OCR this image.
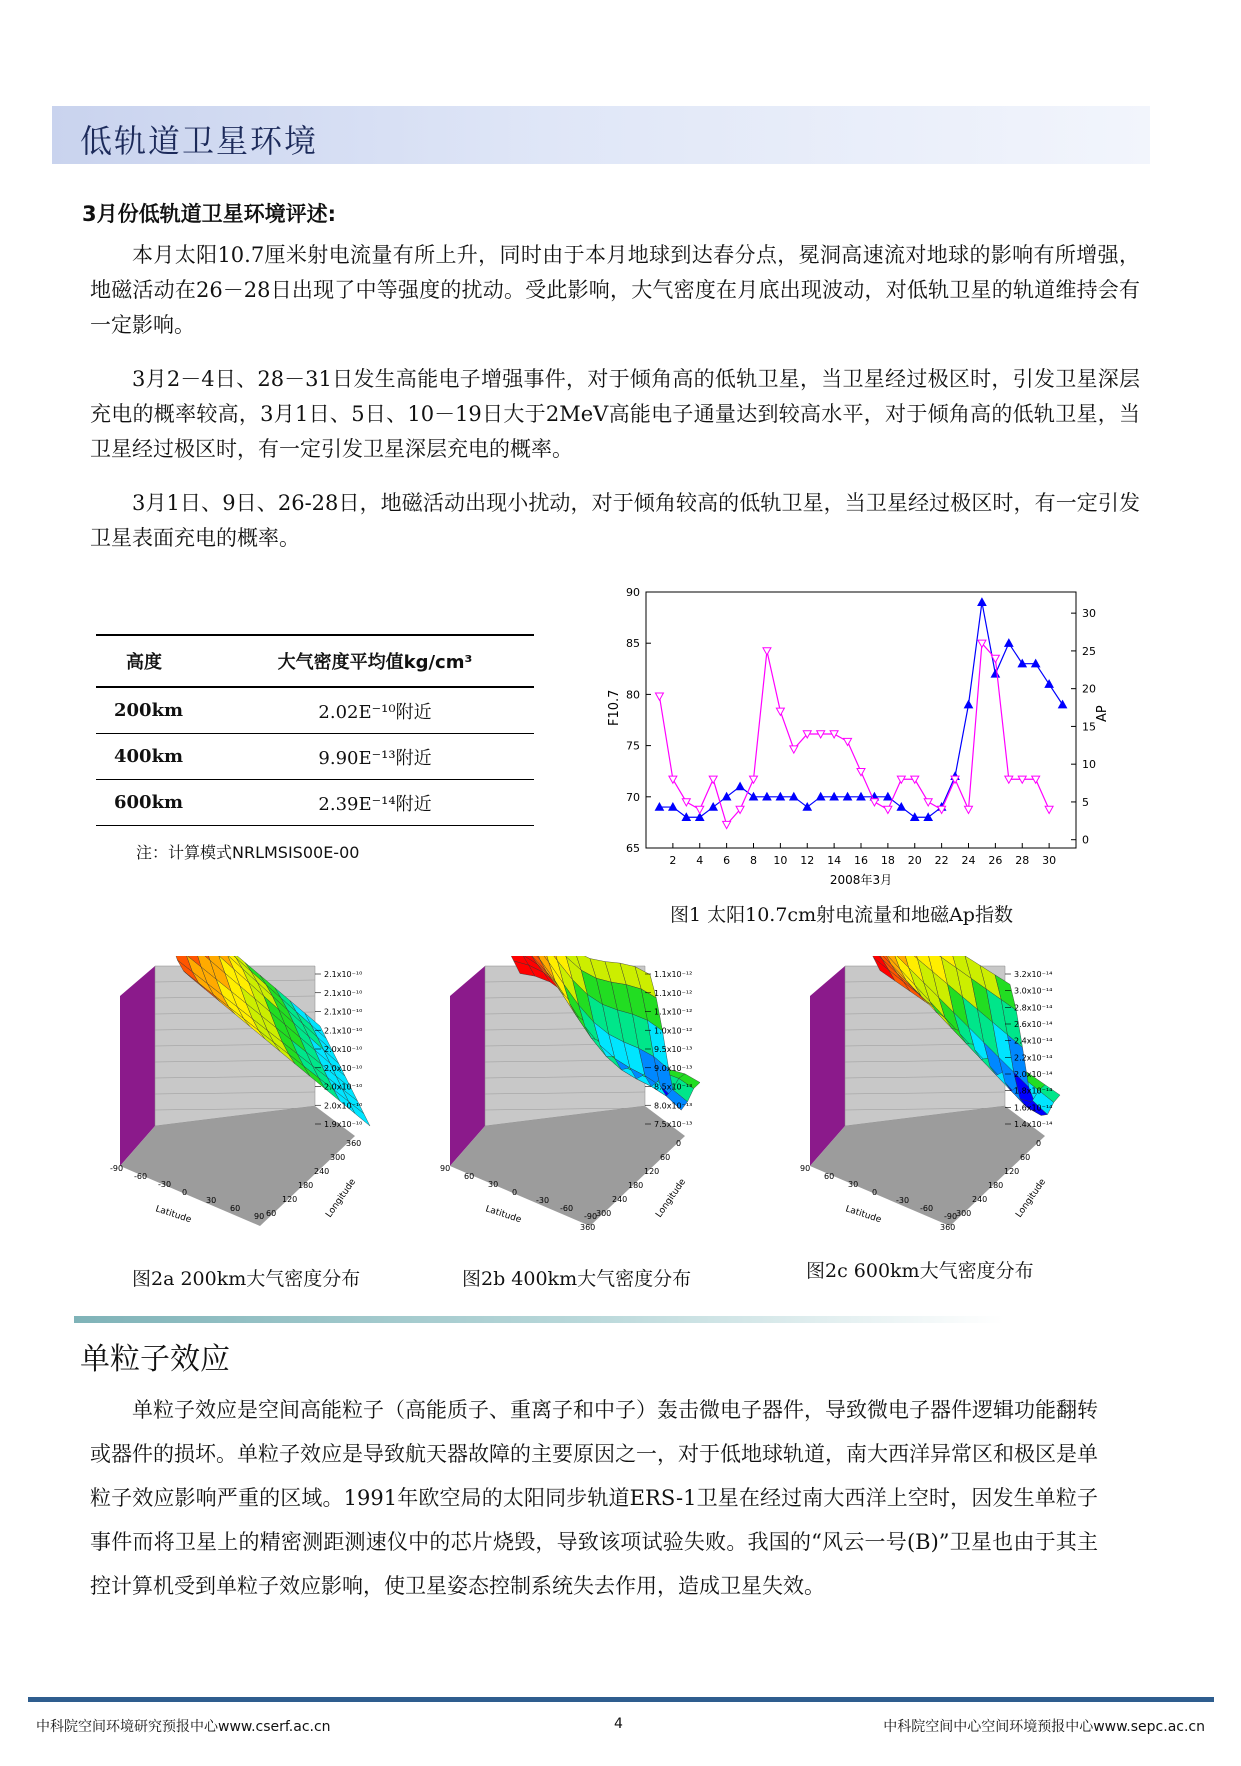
低轨道卫星环境
3月份低轨道卫星环境评述:

本月太阳10.7厘米射电流量有所上升，同时由于本月地球到达春分点，冕洞高速流对地球的影响有所增强，地磁活动在26－28日出现了中等强度的扰动。受此影响，大气密度在月底出现波动，对低轨卫星的轨道维持会有一定影响。

3月2－4日、28－31日发生高能电子增强事件，对于倾角高的低轨卫星，当卫星经过极区时，引发卫星深层充电的概率较高，3月1日、5日、10－19日大于2MeV高能电子通量达到较高水平，对于倾角高的低轨卫星，当卫星经过极区时，有一定引发卫星深层充电的概率。

3月1日、9日、26-28日，地磁活动出现小扰动，对于倾角较高的低轨卫星，当卫星经过极区时，有一定引发卫星表面充电的概率。

高度	大气密度平均值kg/cm³
200km	2.02E⁻¹⁰附近
400km	9.90E⁻¹³附近
600km	2.39E⁻¹⁴附近
注：计算模式NRLMSIS00E-00	2 4 6 8 10 12 14 16 18 20 22 24 26 28 30
65
70
75
80
85
90
0
5
10
15
20
25
30
F10.7	AP
2008年3月
图1 太阳10.7cm射电流量和地磁Ap指数
2.1x10⁻¹⁰
2.1x10⁻¹⁰
2.1x10⁻¹⁰
2.1x10⁻¹⁰
2.0x10⁻¹⁰
2.0x10⁻¹⁰
2.0x10⁻¹⁰
2.0x10⁻¹⁰
1.9x10⁻¹⁰
-90
-60
-30
0
30
60
90
Latitude
360
300
240
180
120
60	Longitude
1.1x10⁻¹²
1.1x10⁻¹²
1.1x10⁻¹²
1.0x10⁻¹²
9.5x10⁻¹³
9.0x10⁻¹³
8.5x10⁻¹³
8.0x10⁻¹³
7.5x10⁻¹³
90
60
30
0
-30
-60
-90
Latitude
0
60
120
180
240
300
360
Longitude
3.2x10⁻¹⁴
3.0x10⁻¹⁴
2.8x10⁻¹⁴
2.6x10⁻¹⁴
2.4x10⁻¹⁴
2.2x10⁻¹⁴
2.0x10⁻¹⁴
1.8x10⁻¹⁴
1.6x10⁻¹⁴
1.4x10⁻¹⁴
90
60
30
0
-30
-60
-90
Latitude
0
60
120
180
240
300
360
Longitude
图2a 200km大气密度分布	图2b 400km大气密度分布	图2c 600km大气密度分布
单粒子效应

单粒子效应是空间高能粒子（高能质子、重离子和中子）轰击微电子器件，导致微电子器件逻辑功能翻转或器件的损坏。单粒子效应是导致航天器故障的主要原因之一，对于低地球轨道，南大西洋异常区和极区是单粒子效应影响严重的区域。1991年欧空局的太阳同步轨道ERS-1卫星在经过南大西洋上空时，因发生单粒子事件而将卫星上的精密测距测速仪中的芯片烧毁，导致该项试验失败。我国的“风云一号(B)”卫星也由于其主控计算机受到单粒子效应影响，使卫星姿态控制系统失去作用，造成卫星失效。

中科院空间环境研究预报中心www.cserf.ac.cn	4	中科院空间中心空间环境预报中心www.sepc.ac.cn
